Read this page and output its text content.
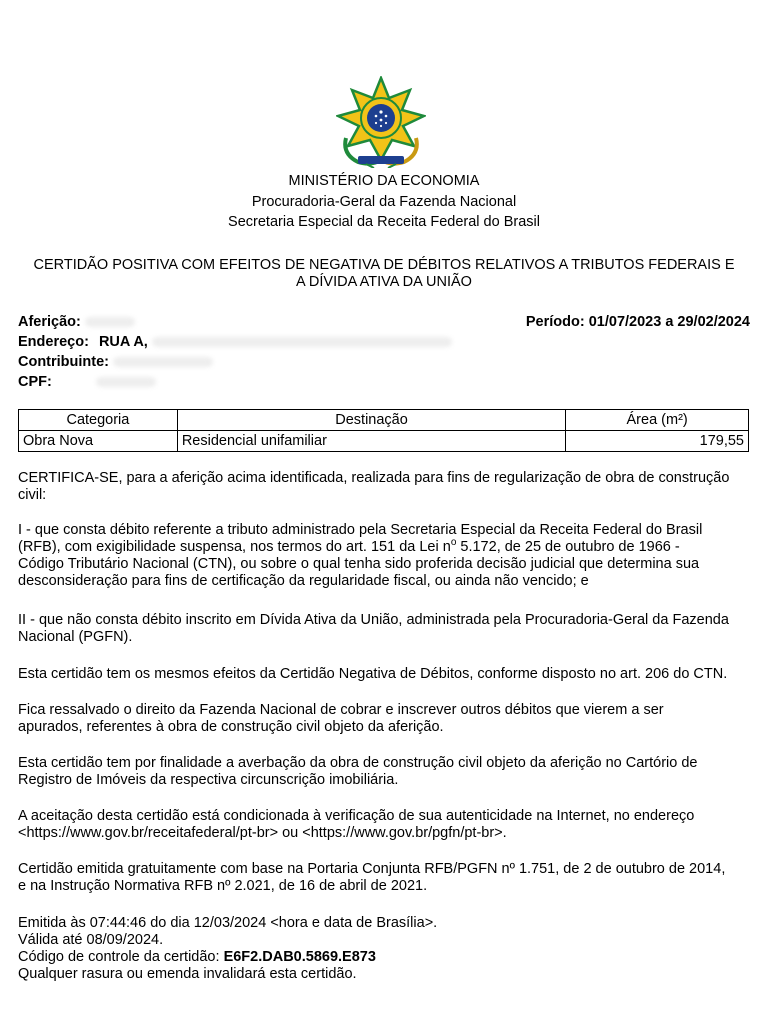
MINISTÉRIO DA ECONOMIA
Procuradoria-Geral da Fazenda Nacional
Secretaria Especial da Receita Federal do Brasil
CERTIDÃO POSITIVA COM EFEITOS DE NEGATIVA DE DÉBITOS RELATIVOS A TRIBUTOS FEDERAIS E
A DÍVIDA ATIVA DA UNIÃO
Aferição:	Período: 01/07/2023 a 29/02/2024
Endereço: RUA A,
Contribuinte:
CPF:
Categoria	Destinação	Área (m²)
Obra Nova	Residencial unifamiliar	179,55
CERTIFICA-SE, para a aferição acima identificada, realizada para fins de regularização de obra de construção
civil:
I - que consta débito referente a tributo administrado pela Secretaria Especial da Receita Federal do Brasil
(RFB), com exigibilidade suspensa, nos termos do art. 151 da Lei $n^o$ 5.172, de 25 de outubro de 1966 -
Código Tributário Nacional (CTN), ou sobre o qual tenha sido proferida decisão judicial que determina sua
desconsideração para fins de certificação da regularidade fiscal, ou ainda não vencido; e
II - que não consta débito inscrito em Dívida Ativa da União, administrada pela Procuradoria-Geral da Fazenda
Nacional (PGFN).
Esta certidão tem os mesmos efeitos da Certidão Negativa de Débitos, conforme disposto no art. 206 do CTN.
Fica ressalvado o direito da Fazenda Nacional de cobrar e inscrever outros débitos que vierem a ser
apurados, referentes à obra de construção civil objeto da aferição.
Esta certidão tem por finalidade a averbação da obra de construção civil objeto da aferição no Cartório de
Registro de Imóveis da respectiva circunscrição imobiliária.
A aceitação desta certidão está condicionada à verificação de sua autenticidade na Internet, no endereço
<https://www.gov.br/receitafederal/pt-br> ou <https://www.gov.br/pgfn/pt-br>.
Certidão emitida gratuitamente com base na Portaria Conjunta RFB/PGFN nº 1.751, de 2 de outubro de 2014,
e na Instrução Normativa RFB nº 2.021, de 16 de abril de 2021.
Emitida às 07:44:46 do dia 12/03/2024 <hora e data de Brasília>.
Válida até 08/09/2024.
Código de controle da certidão: E6F2.DAB0.5869.E873
Qualquer rasura ou emenda invalidará esta certidão.
